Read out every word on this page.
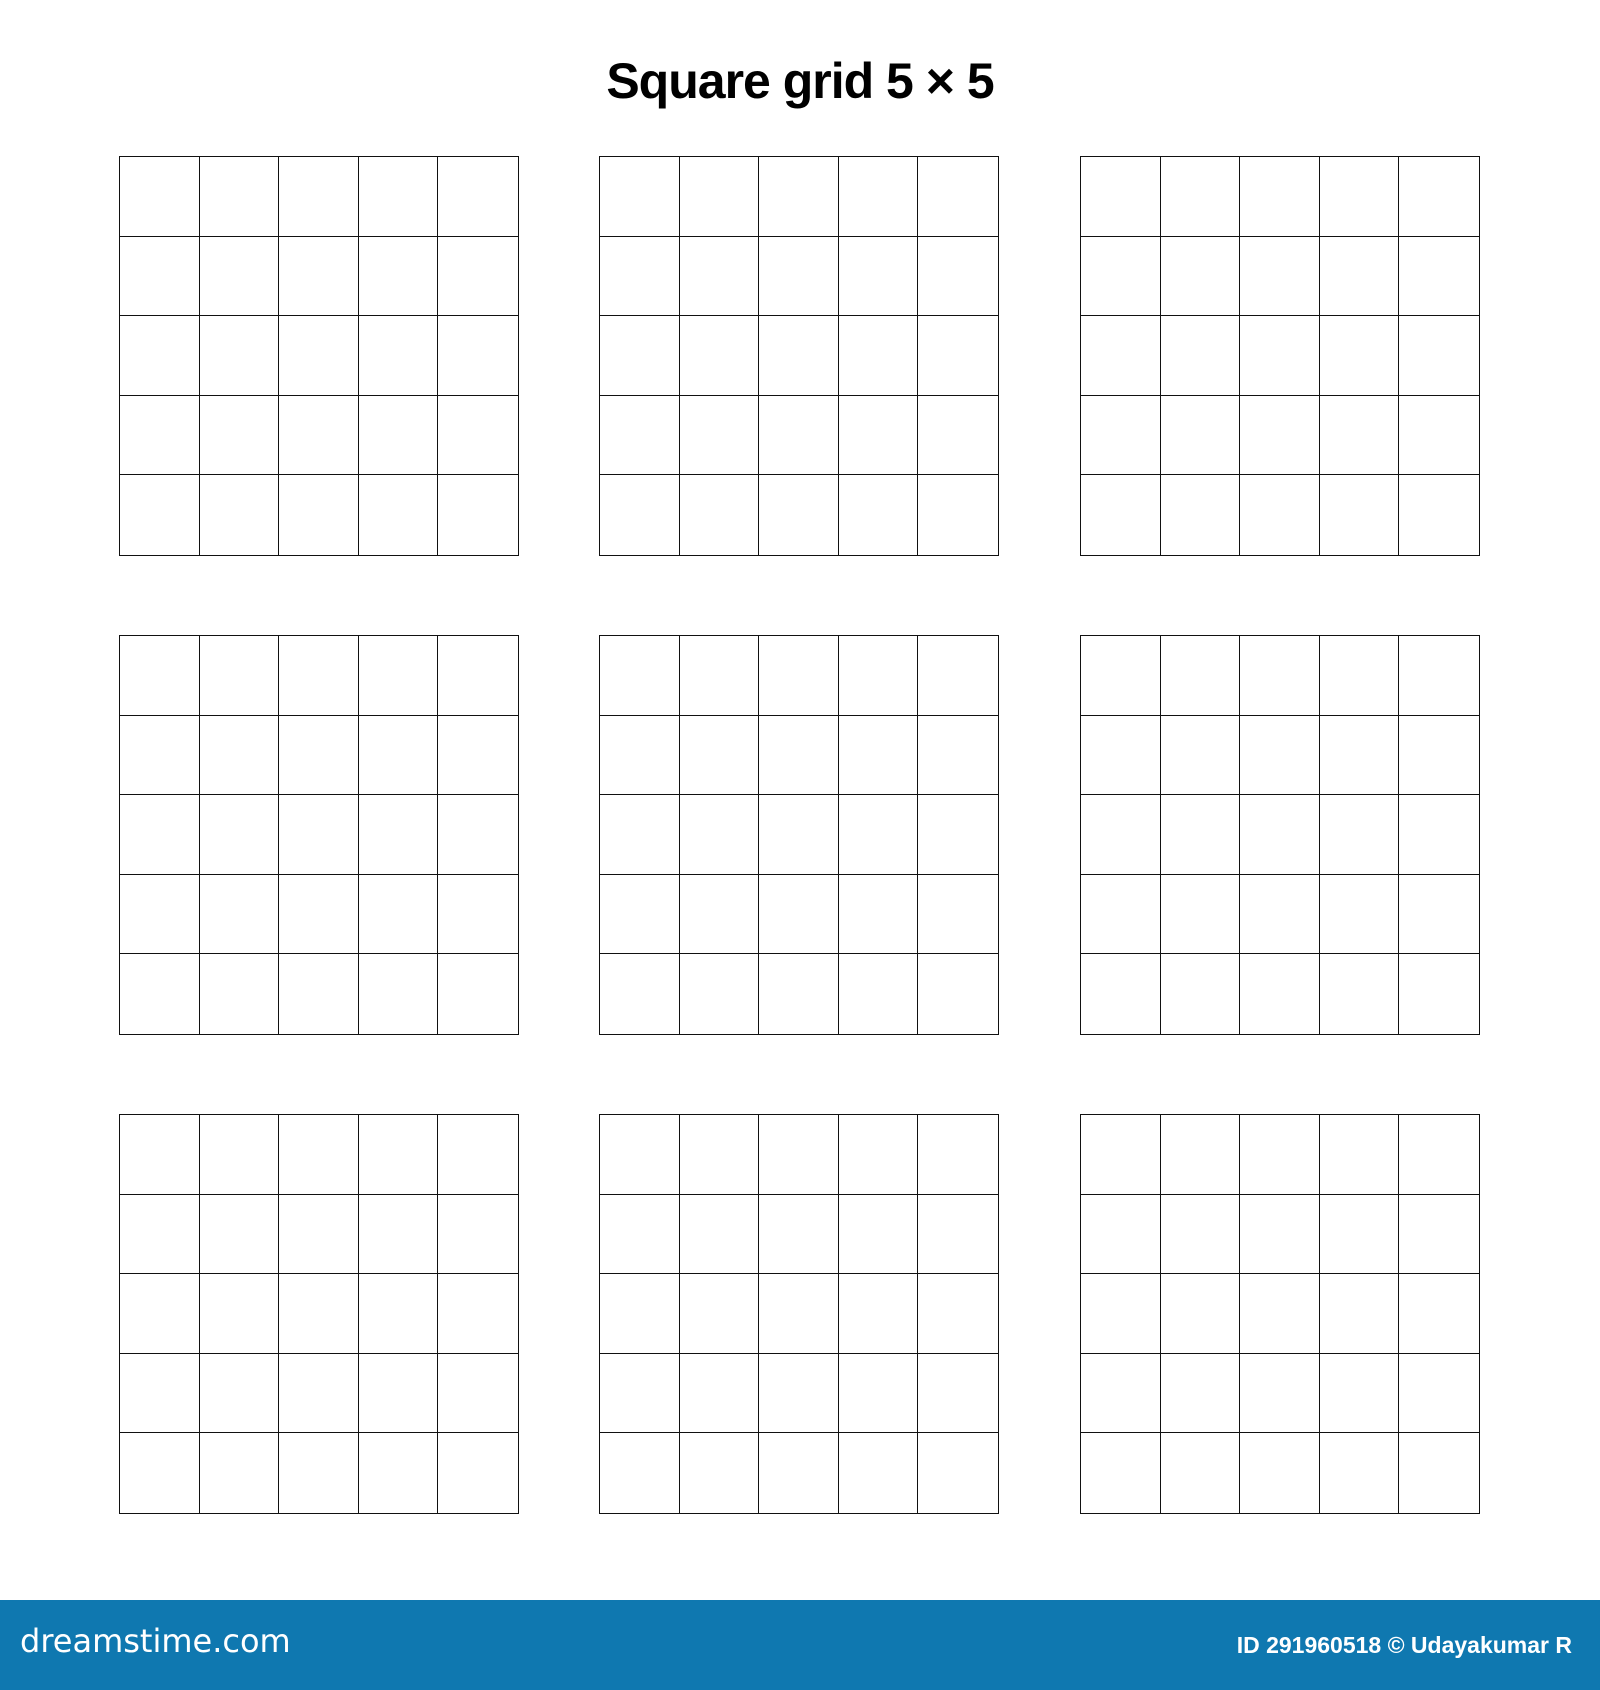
Square grid 5 × 5
dreamstime.com	ID 291960518 © Udayakumar R
